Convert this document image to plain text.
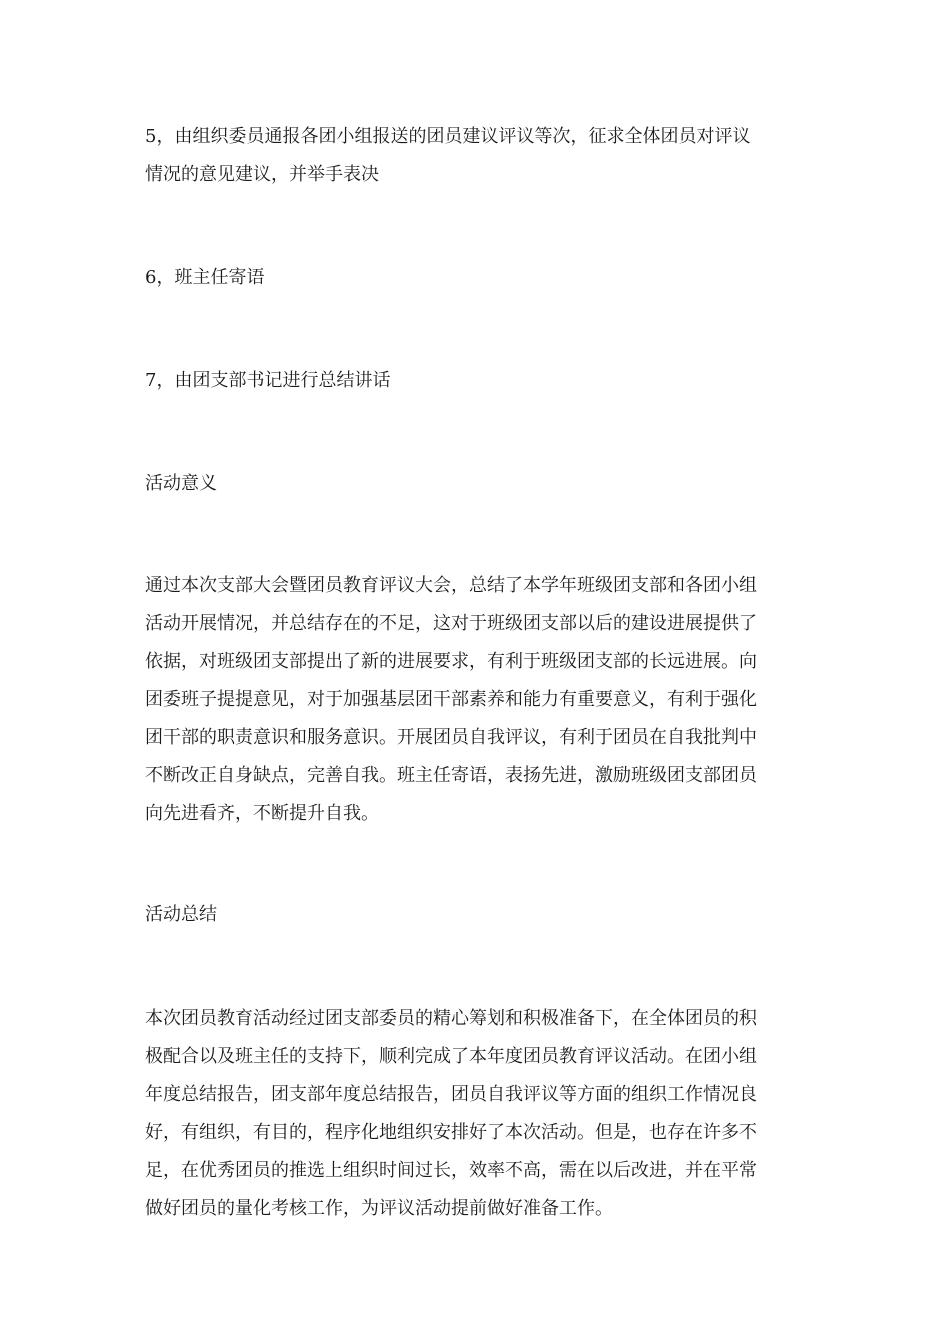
5，由组织委员通报各团小组报送的团员建议评议等次，征求全体团员对评议
情况的意见建议，并举手表决

6，班主任寄语

7，由团支部书记进行总结讲话

活动意义

通过本次支部大会暨团员教育评议大会，总结了本学年班级团支部和各团小组
活动开展情况，并总结存在的不足，这对于班级团支部以后的建设进展提供了
依据，对班级团支部提出了新的进展要求，有利于班级团支部的长远进展。向
团委班子提提意见，对于加强基层团干部素养和能力有重要意义，有利于强化
团干部的职责意识和服务意识。开展团员自我评议，有利于团员在自我批判中
不断改正自身缺点，完善自我。班主任寄语，表扬先进，激励班级团支部团员
向先进看齐，不断提升自我。

活动总结

本次团员教育活动经过团支部委员的精心筹划和积极准备下，在全体团员的积
极配合以及班主任的支持下，顺利完成了本年度团员教育评议活动。在团小组
年度总结报告，团支部年度总结报告，团员自我评议等方面的组织工作情况良
好，有组织，有目的，程序化地组织安排好了本次活动。但是，也存在许多不
足，在优秀团员的推选上组织时间过长，效率不高，需在以后改进，并在平常
做好团员的量化考核工作，为评议活动提前做好准备工作。
